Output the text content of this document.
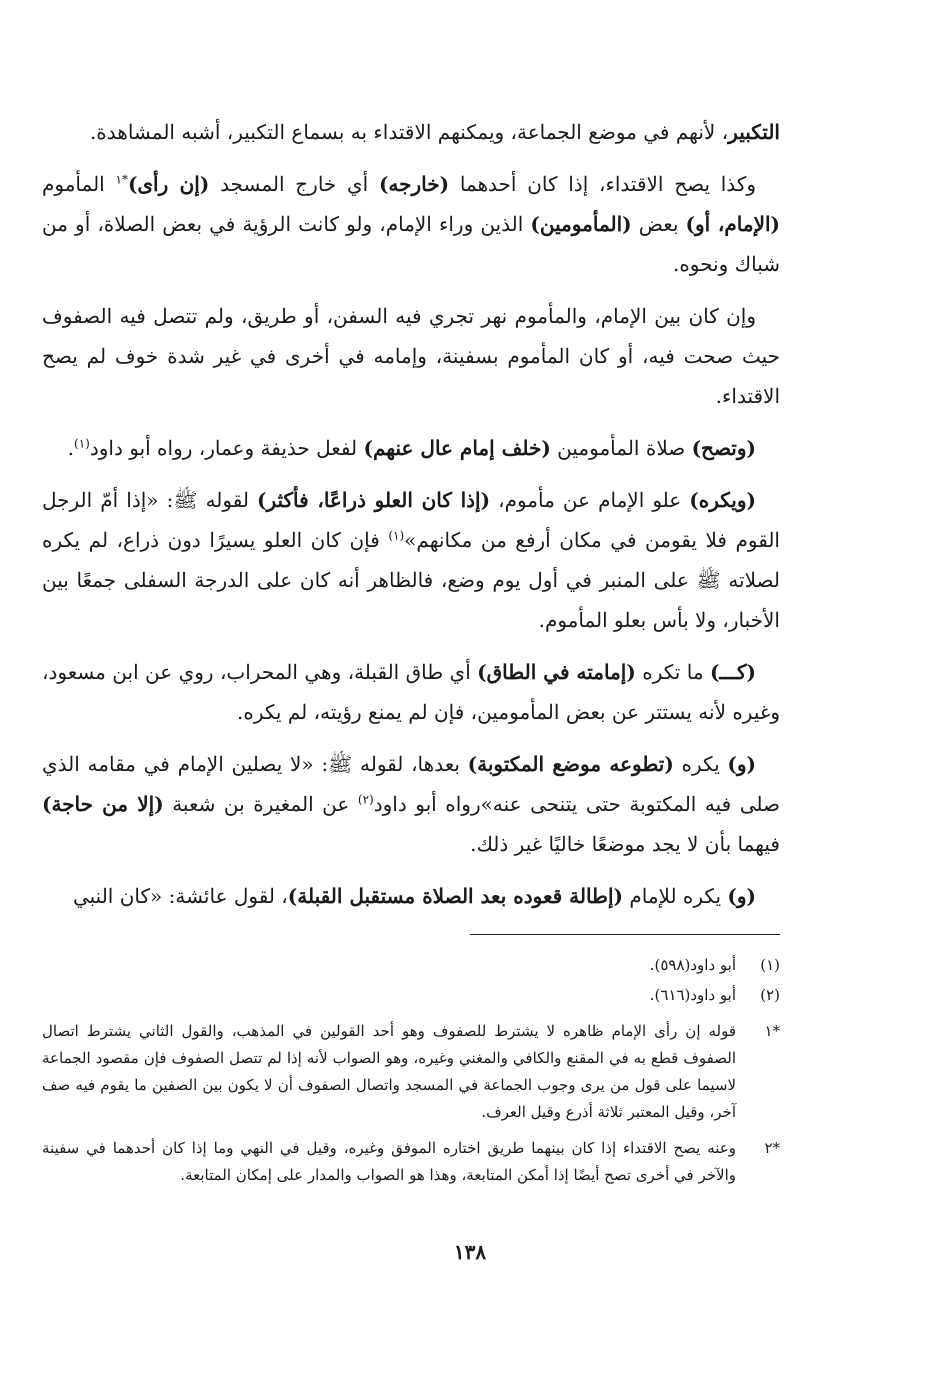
التكبير، لأنهم في موضع الجماعة، ويمكنهم الاقتداء به بسماع التكبير، أشبه المشاهدة.

وكذا يصح الاقتداء، إذا كان أحدهما (خارجه) أي خارج المسجد (إن رأى)$^{*١}$ المأموم (الإمام، أو) بعض (المأمومين) الذين وراء الإمام، ولو كانت الرؤية في بعض الصلاة، أو من شباك ونحوه.

وإن كان بين الإمام، والمأموم نهر تجري فيه السفن، أو طريق، ولم تتصل فيه الصفوف حيث صحت فيه، أو كان المأموم بسفينة، وإمامه في أخرى في غير شدة خوف لم يصح الاقتداء.

(وتصح) صلاة المأمومين (خلف إمام عال عنهم) لفعل حذيفة وعمار، رواه أبو داود$^{(١)}$.

(ويكره) علو الإمام عن مأموم، (إذا كان العلو ذراعًا، فأكثر) لقوله ﷺ: «إذا أمّ الرجل القوم فلا يقومن في مكان أرفع من مكانهم»$^{(١)}$ فإن كان العلو يسيرًا دون ذراع، لم يكره لصلاته ﷺ على المنبر في أول يوم وضع، فالظاهر أنه كان على الدرجة السفلى جمعًا بين الأخبار، ولا بأس بعلو المأموم.

(كـــ) ما تكره (إمامته في الطاق) أي طاق القبلة، وهي المحراب، روي عن ابن مسعود، وغيره لأنه يستتر عن بعض المأمومين، فإن لم يمنع رؤيته، لم يكره.

(و) يكره (تطوعه موضع المكتوبة) بعدها، لقوله ﷺ: «لا يصلين الإمام في مقامه الذي صلى فيه المكتوبة حتى يتنحى عنه»رواه أبو داود$^{(٢)}$ عن المغيرة بن شعبة (إلا من حاجة) فيهما بأن لا يجد موضعًا خاليًا غير ذلك.

(و) يكره للإمام (إطالة قعوده بعد الصلاة مستقبل القبلة)، لقول عائشة: «كان النبي

(١)
أبو داود(٥٩٨).
(٢)
أبو داود(٦١٦).
*١
قوله إن رأى الإمام ظاهره لا يشترط للصفوف وهو أحد القولين في المذهب، والقول الثاني يشترط اتصال الصفوف قطع به في المقنع والكافي والمغني وغيره، وهو الصواب لأنه إذا لم تتصل الصفوف فإن مقصود الجماعة لاسيما على قول من يرى وجوب الجماعة في المسجد واتصال الصفوف أن لا يكون بين الصفين ما يقوم فيه صف آخر، وقيل المعتبر ثلاثة أذرع وقيل العرف.
*٢
وعنه يصح الاقتداء إذا كان بينهما طريق اختاره الموفق وغيره، وقيل في النهي وما إذا كان أحدهما في سفينة والآخر في أخرى تصح أيضًا إذا أمكن المتابعة، وهذا هو الصواب والمدار على إمكان المتابعة.
١٣٨
